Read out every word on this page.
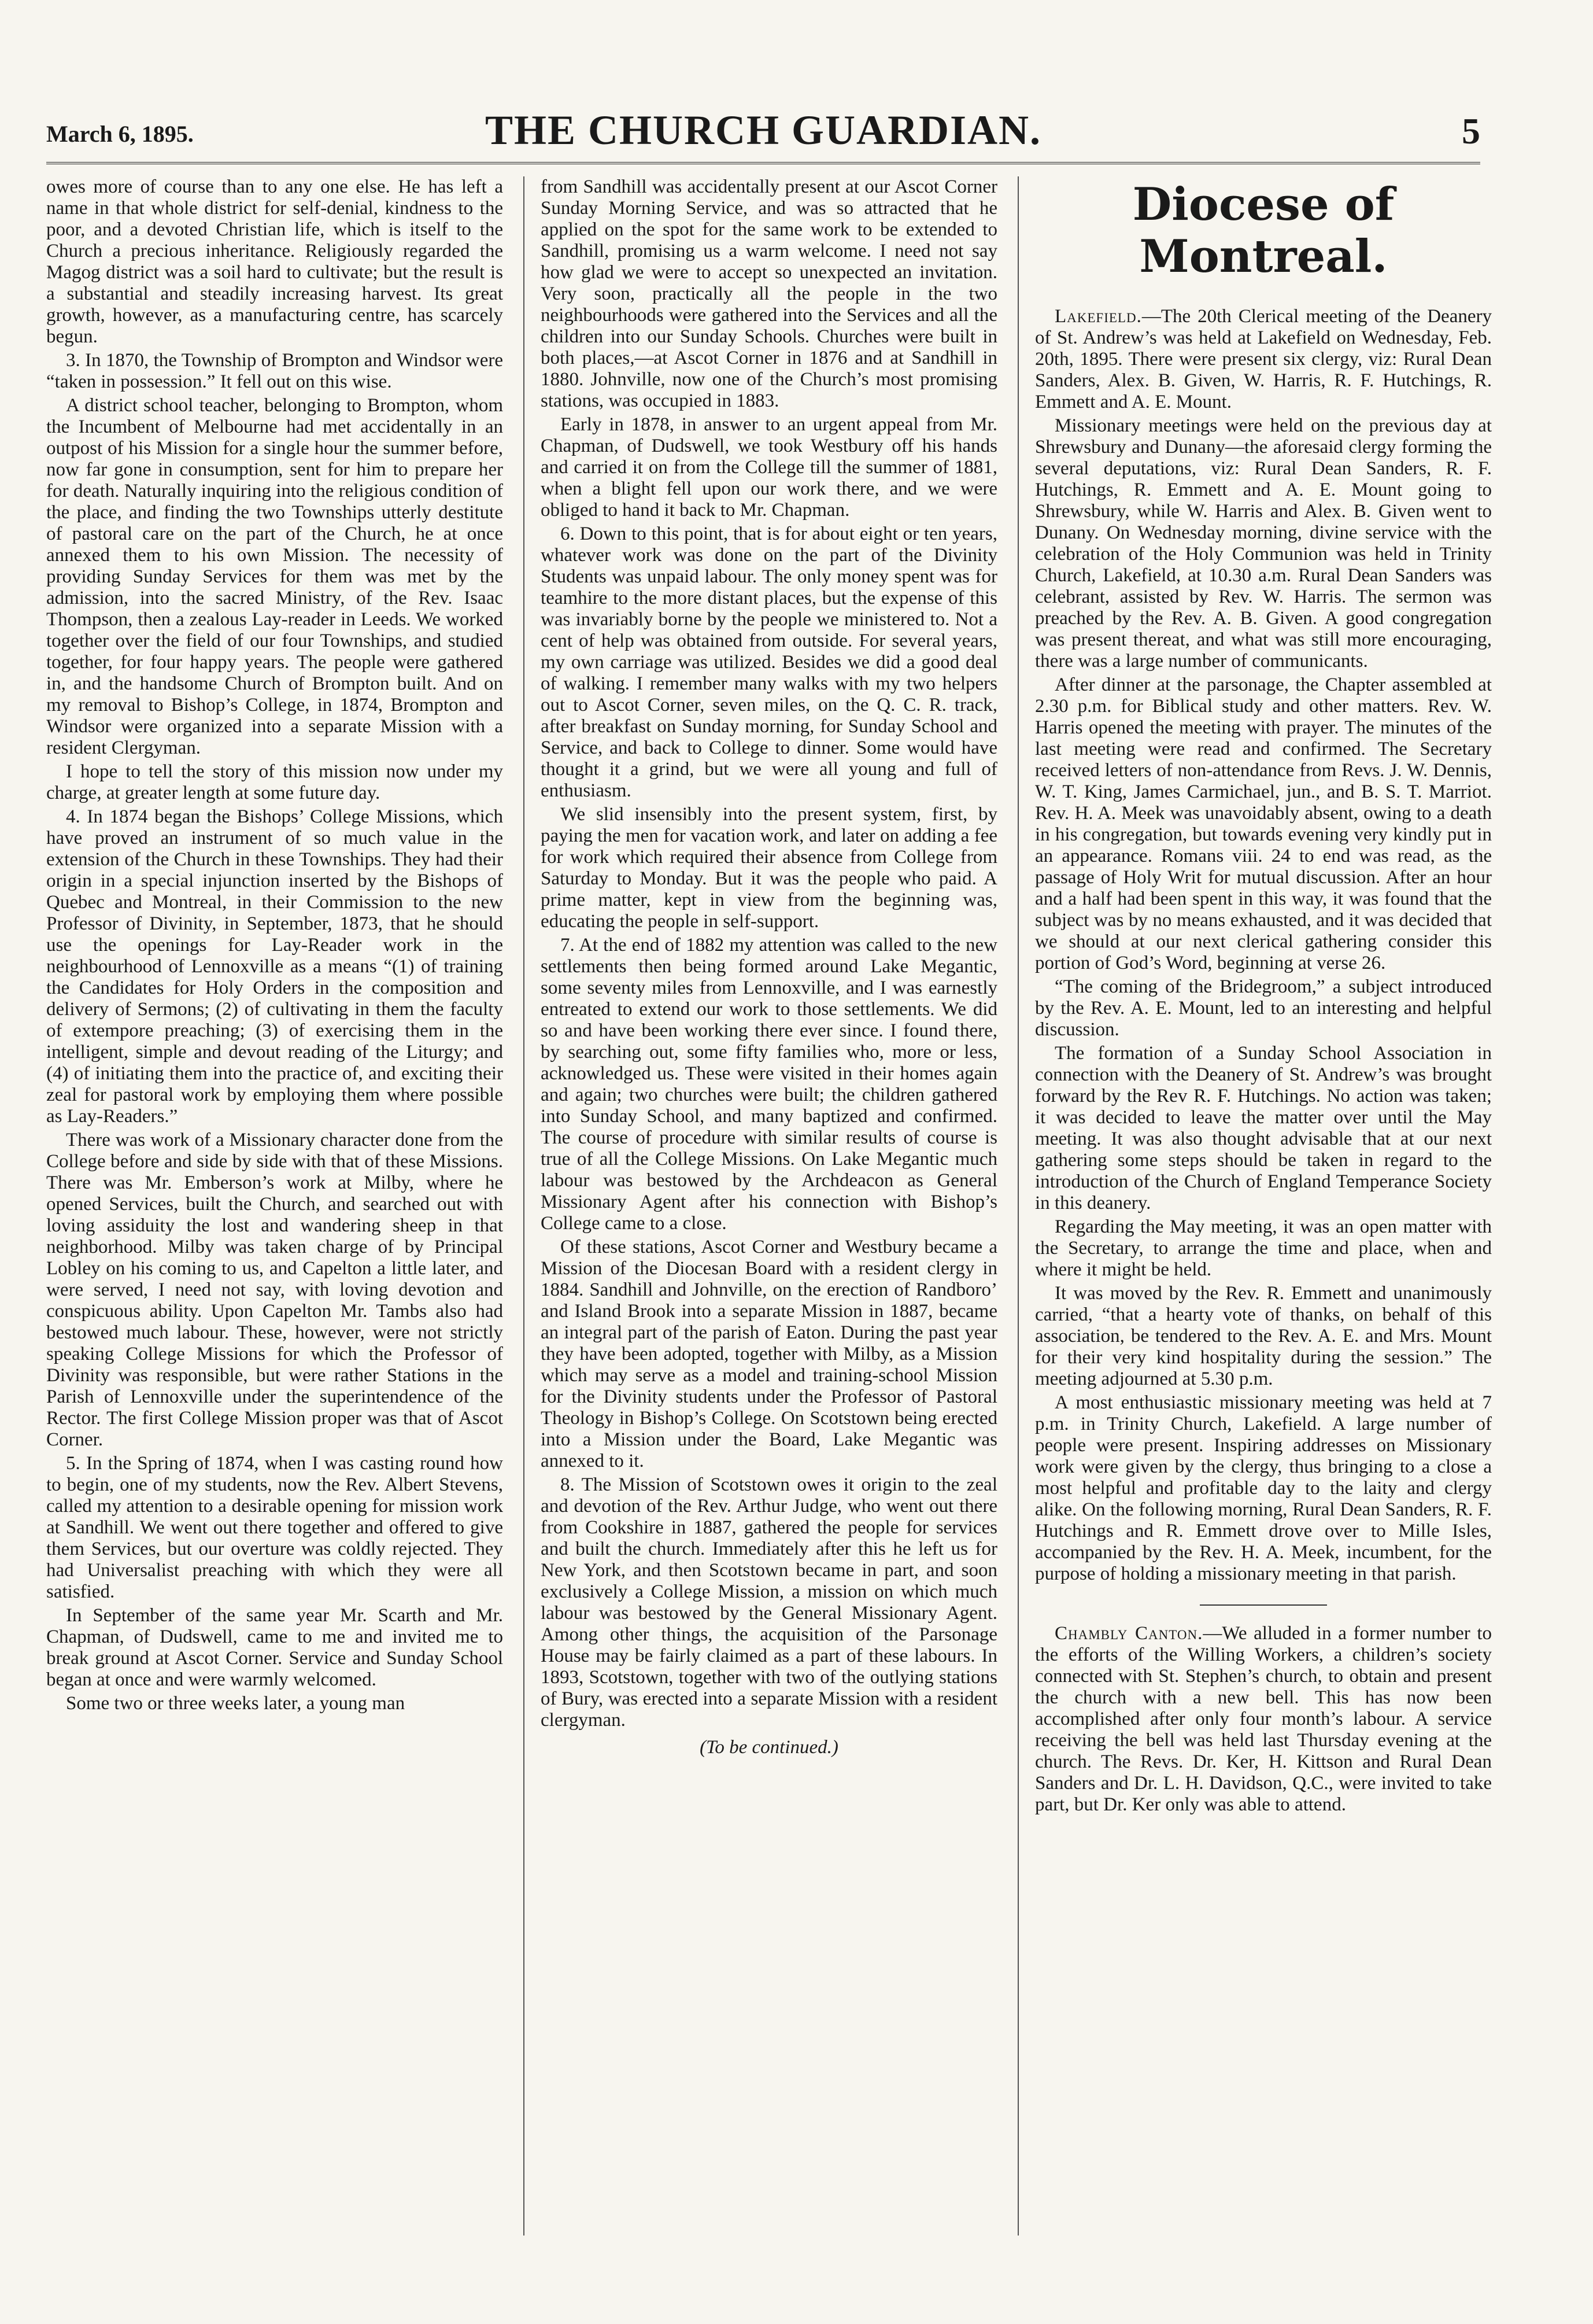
March 6, 1895.	THE CHURCH GUARDIAN.	5

owes more of course than to any one else. He has left a name in that whole district for self-denial, kindness to the poor, and a devoted Christian life, which is itself to the Church a precious inheritance. Religiously regarded the Magog district was a soil hard to cultivate; but the result is a substantial and steadily increasing harvest. Its great growth, however, as a manufacturing centre, has scarcely begun.

3. In 1870, the Township of Brompton and Windsor were “taken in possession.” It fell out on this wise.

A district school teacher, belonging to Brompton, whom the Incumbent of Melbourne had met accidentally in an outpost of his Mission for a single hour the summer before, now far gone in consumption, sent for him to prepare her for death. Naturally inquiring into the religious condition of the place, and finding the two Townships utterly destitute of pastoral care on the part of the Church, he at once annexed them to his own Mission. The necessity of providing Sunday Services for them was met by the admission, into the sacred Ministry, of the Rev. Isaac Thompson, then a zealous Lay-reader in Leeds. We worked together over the field of our four Townships, and studied together, for four happy years. The people were gathered in, and the handsome Church of Brompton built. And on my removal to Bishop’s College, in 1874, Brompton and Windsor were organized into a separate Mission with a resident Clergyman.

I hope to tell the story of this mission now under my charge, at greater length at some future day.

4. In 1874 began the Bishops’ College Missions, which have proved an instrument of so much value in the extension of the Church in these Townships. They had their origin in a special injunction inserted by the Bishops of Quebec and Montreal, in their Commission to the new Professor of Divinity, in September, 1873, that he should use the openings for Lay-Reader work in the neighbourhood of Lennoxville as a means “(1) of training the Candidates for Holy Orders in the composition and delivery of Sermons; (2) of cultivating in them the faculty of extempore preaching; (3) of exercising them in the intelligent, simple and devout reading of the Liturgy; and (4) of initiating them into the practice of, and exciting their zeal for pastoral work by employing them where possible as Lay-Readers.”

There was work of a Missionary character done from the College before and side by side with that of these Missions. There was Mr. Emberson’s work at Milby, where he opened Services, built the Church, and searched out with loving assiduity the lost and wandering sheep in that neighborhood. Milby was taken charge of by Principal Lobley on his coming to us, and Capelton a little later, and were served, I need not say, with loving devotion and conspicuous ability. Upon Capelton Mr. Tambs also had bestowed much labour. These, however, were not strictly speaking College Missions for which the Professor of Divinity was responsible, but were rather Stations in the Parish of Lennoxville under the superintendence of the Rector. The first College Mission proper was that of Ascot Corner.

5. In the Spring of 1874, when I was casting round how to begin, one of my students, now the Rev. Albert Stevens, called my attention to a desirable opening for mission work at Sandhill. We went out there together and offered to give them Services, but our overture was coldly rejected. They had Universalist preaching with which they were all satisfied.

In September of the same year Mr. Scarth and Mr. Chapman, of Dudswell, came to me and invited me to break ground at Ascot Corner. Service and Sunday School began at once and were warmly welcomed.

Some two or three weeks later, a young man

from Sandhill was accidentally present at our Ascot Corner Sunday Morning Service, and was so attracted that he applied on the spot for the same work to be extended to Sandhill, promising us a warm welcome. I need not say how glad we were to accept so unexpected an invitation. Very soon, practically all the people in the two neighbourhoods were gathered into the Services and all the children into our Sunday Schools. Churches were built in both places,—at Ascot Corner in 1876 and at Sandhill in 1880. Johnville, now one of the Church’s most promising stations, was occupied in 1883.

Early in 1878, in answer to an urgent appeal from Mr. Chapman, of Dudswell, we took Westbury off his hands and carried it on from the College till the summer of 1881, when a blight fell upon our work there, and we were obliged to hand it back to Mr. Chapman.

6. Down to this point, that is for about eight or ten years, whatever work was done on the part of the Divinity Students was unpaid labour. The only money spent was for teamhire to the more distant places, but the expense of this was invariably borne by the people we ministered to. Not a cent of help was obtained from outside. For several years, my own carriage was utilized. Besides we did a good deal of walking. I remember many walks with my two helpers out to Ascot Corner, seven miles, on the Q. C. R. track, after breakfast on Sunday morning, for Sunday School and Service, and back to College to dinner. Some would have thought it a grind, but we were all young and full of enthusiasm.

We slid insensibly into the present system, first, by paying the men for vacation work, and later on adding a fee for work which required their absence from College from Saturday to Monday. But it was the people who paid. A prime matter, kept in view from the beginning was, educating the people in self-support.

7. At the end of 1882 my attention was called to the new settlements then being formed around Lake Megantic, some seventy miles from Lennoxville, and I was earnestly entreated to extend our work to those settlements. We did so and have been working there ever since. I found there, by searching out, some fifty families who, more or less, acknowledged us. These were visited in their homes again and again; two churches were built; the children gathered into Sunday School, and many baptized and confirmed. The course of procedure with similar results of course is true of all the College Missions. On Lake Megantic much labour was bestowed by the Archdeacon as General Missionary Agent after his connection with Bishop’s College came to a close.

Of these stations, Ascot Corner and Westbury became a Mission of the Diocesan Board with a resident clergy in 1884. Sandhill and Johnville, on the erection of Randboro’ and Island Brook into a separate Mission in 1887, became an integral part of the parish of Eaton. During the past year they have been adopted, together with Milby, as a Mission which may serve as a model and training-school Mission for the Divinity students under the Professor of Pastoral Theology in Bishop’s College. On Scotstown being erected into a Mission under the Board, Lake Megantic was annexed to it.

8. The Mission of Scotstown owes it origin to the zeal and devotion of the Rev. Arthur Judge, who went out there from Cookshire in 1887, gathered the people for services and built the church. Immediately after this he left us for New York, and then Scotstown became in part, and soon exclusively a College Mission, a mission on which much labour was bestowed by the General Missionary Agent. Among other things, the acquisition of the Parsonage House may be fairly claimed as a part of these labours. In 1893, Scotstown, together with two of the outlying stations of Bury, was erected into a separate Mission with a resident clergyman.

(To be continued.)

Diocese of Montreal.

Lakefield.—The 20th Clerical meeting of the Deanery of St. Andrew’s was held at Lakefield on Wednesday, Feb. 20th, 1895. There were present six clergy, viz: Rural Dean Sanders, Alex. B. Given, W. Harris, R. F. Hutchings, R. Emmett and A. E. Mount.

Missionary meetings were held on the previous day at Shrewsbury and Dunany—the aforesaid clergy forming the several deputations, viz: Rural Dean Sanders, R. F. Hutchings, R. Emmett and A. E. Mount going to Shrewsbury, while W. Harris and Alex. B. Given went to Dunany. On Wednesday morning, divine service with the celebration of the Holy Communion was held in Trinity Church, Lakefield, at 10.30 a.m. Rural Dean Sanders was celebrant, assisted by Rev. W. Harris. The sermon was preached by the Rev. A. B. Given. A good congregation was present thereat, and what was still more encouraging, there was a large number of communicants.

After dinner at the parsonage, the Chapter assembled at 2.30 p.m. for Biblical study and other matters. Rev. W. Harris opened the meeting with prayer. The minutes of the last meeting were read and confirmed. The Secretary received letters of non-attendance from Revs. J. W. Dennis, W. T. King, James Carmichael, jun., and B. S. T. Marriot. Rev. H. A. Meek was unavoidably absent, owing to a death in his congregation, but towards evening very kindly put in an appearance. Romans viii. 24 to end was read, as the passage of Holy Writ for mutual discussion. After an hour and a half had been spent in this way, it was found that the subject was by no means exhausted, and it was decided that we should at our next clerical gathering consider this portion of God’s Word, beginning at verse 26.

“The coming of the Bridegroom,” a subject introduced by the Rev. A. E. Mount, led to an interesting and helpful discussion.

The formation of a Sunday School Association in connection with the Deanery of St. Andrew’s was brought forward by the Rev R. F. Hutchings. No action was taken; it was decided to leave the matter over until the May meeting. It was also thought advisable that at our next gathering some steps should be taken in regard to the introduction of the Church of England Temperance Society in this deanery.

Regarding the May meeting, it was an open matter with the Secretary, to arrange the time and place, when and where it might be held.

It was moved by the Rev. R. Emmett and unanimously carried, “that a hearty vote of thanks, on behalf of this association, be tendered to the Rev. A. E. and Mrs. Mount for their very kind hospitality during the session.” The meeting adjourned at 5.30 p.m.

A most enthusiastic missionary meeting was held at 7 p.m. in Trinity Church, Lakefield. A large number of people were present. Inspiring addresses on Missionary work were given by the clergy, thus bringing to a close a most helpful and profitable day to the laity and clergy alike. On the following morning, Rural Dean Sanders, R. F. Hutchings and R. Emmett drove over to Mille Isles, accompanied by the Rev. H. A. Meek, incumbent, for the purpose of holding a missionary meeting in that parish.

Chambly Canton.—We alluded in a former number to the efforts of the Willing Workers, a children’s society connected with St. Stephen’s church, to obtain and present the church with a new bell. This has now been accomplished after only four month’s labour. A service receiving the bell was held last Thursday evening at the church. The Revs. Dr. Ker, H. Kittson and Rural Dean Sanders and Dr. L. H. Davidson, Q.C., were invited to take part, but Dr. Ker only was able to attend.
